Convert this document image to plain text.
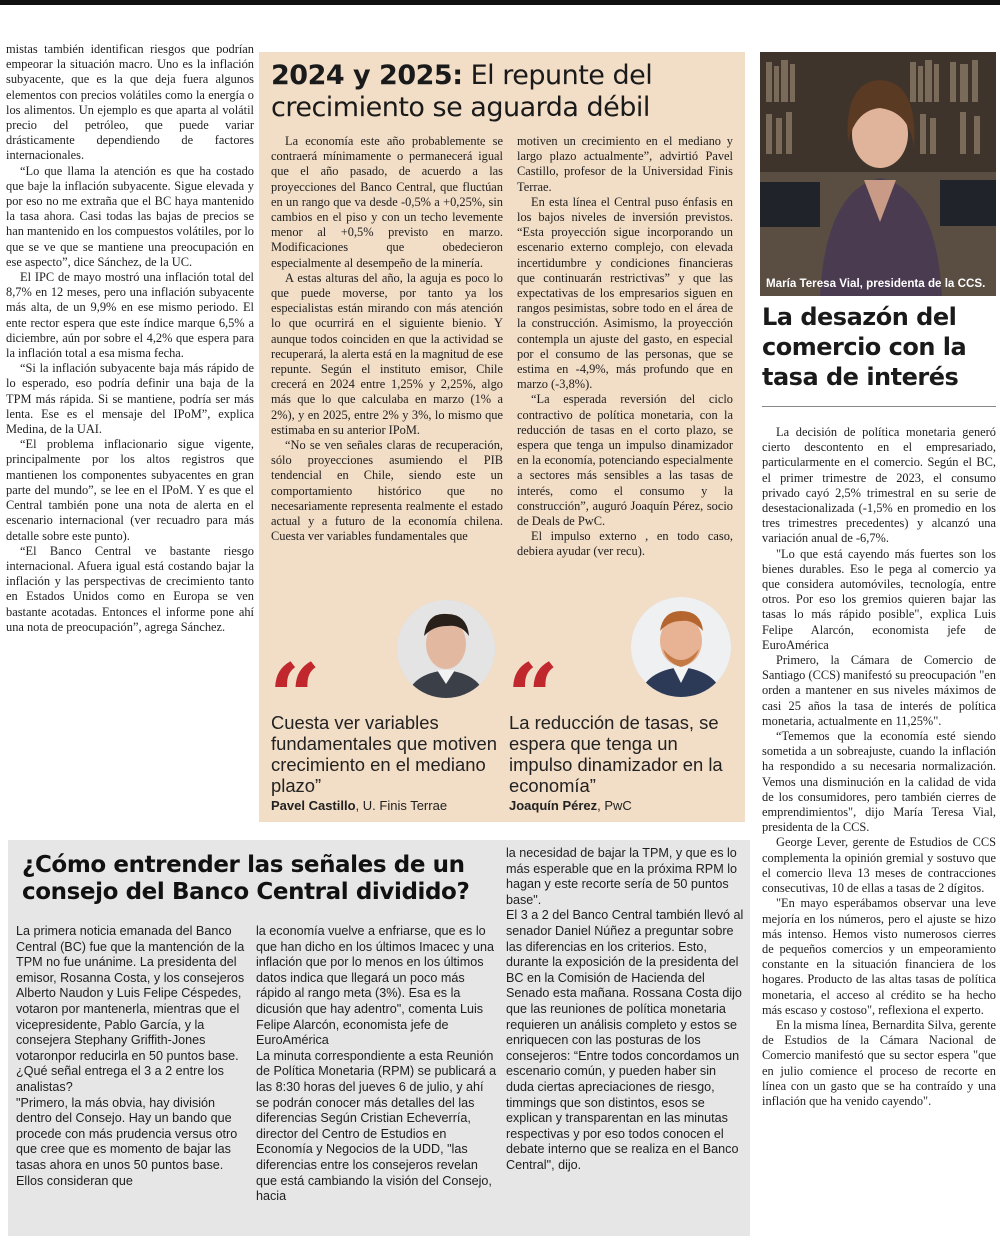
mistas también identifican riesgos que podrían empeorar la situación macro. Uno es la inflación subyacente, que es la que deja fuera algunos elementos con precios volátiles como la energía o los alimentos. Un ejemplo es que aparta al volátil precio del petróleo, que puede variar drásticamente dependiendo de factores internacionales.

“Lo que llama la atención es que ha costado que baje la inflación subyacente. Sigue elevada y por eso no me extraña que el BC haya mantenido la tasa ahora. Casi todas las bajas de precios se han mantenido en los compuestos volátiles, por lo que se ve que se mantiene una preocupación en ese aspecto”, dice Sánchez, de la UC.

El IPC de mayo mostró una inflación total del 8,7% en 12 meses, pero una inflación subyacente más alta, de un 9,9% en ese mismo periodo. El ente rector espera que este índice marque 6,5% a diciembre, aún por sobre el 4,2% que espera para la inflación total a esa misma fecha.

“Si la inflación subyacente baja más rápido de lo esperado, eso podría definir una baja de la TPM más rápida. Si se mantiene, podría ser más lenta. Ese es el mensaje del IPoM”, explica Medina, de la UAI.

“El problema inflacionario sigue vigente, principalmente por los altos registros que mantienen los componentes subyacentes en gran parte del mundo”, se lee en el IPoM. Y es que el Central también pone una nota de alerta en el escenario internacional (ver recuadro para más detalle sobre este punto).

“El Banco Central ve bastante riesgo internacional. Afuera igual está costando bajar la inflación y las perspectivas de crecimiento tanto en Estados Unidos como en Europa se ven bastante acotadas. Entonces el informe pone ahí una nota de preocupación”, agrega Sánchez.

2024 y 2025: El repunte del crecimiento se aguarda débil

La economía este año probablemente se contraerá mínimamente o permanecerá igual que el año pasado, de acuerdo a las proyecciones del Banco Central, que fluctúan en un rango que va desde -0,5% a +0,25%, sin cambios en el piso y con un techo levemente menor al +0,5% previsto en marzo. Modificaciones que obedecieron especialmente al desempeño de la minería.

A estas alturas del año, la aguja es poco lo que puede moverse, por tanto ya los especialistas están mirando con más atención lo que ocurrirá en el siguiente bienio. Y aunque todos coinciden en que la actividad se recuperará, la alerta está en la magnitud de ese repunte. Según el instituto emisor, Chile crecerá en 2024 entre 1,25% y 2,25%, algo más que lo que calculaba en marzo (1% a 2%), y en 2025, entre 2% y 3%, lo mismo que estimaba en su anterior IPoM.

“No se ven señales claras de recuperación, sólo proyecciones asumiendo el PIB tendencial en Chile, siendo este un comportamiento histórico que no necesariamente representa realmente el estado actual y a futuro de la economía chilena. Cuesta ver variables fundamentales que

motiven un crecimiento en el mediano y largo plazo actualmente”, advirtió Pavel Castillo, profesor de la Universidad Finis Terrae.

En esta línea el Central puso énfasis en los bajos niveles de inversión previstos. “Esta proyección sigue incorporando un escenario externo complejo, con elevada incertidumbre y condiciones financieras que continuarán restrictivas” y que las expectativas de los empresarios siguen en rangos pesimistas, sobre todo en el área de la construcción. Asimismo, la proyección contempla un ajuste del gasto, en especial por el consumo de las personas, que se estima en -4,9%, más profundo que en marzo (-3,8%).

“La esperada reversión del ciclo contractivo de política monetaria, con la reducción de tasas en el corto plazo, se espera que tenga un impulso dinamizador en la economía, potenciando especialmente a sectores más sensibles a las tasas de interés, como el consumo y la construcción”, auguró Joaquín Pérez, socio de Deals de PwC.

El impulso externo , en todo caso, debiera ayudar (ver recu).

“ “
Cuesta ver variables fundamentales que motiven crecimiento en el mediano plazo”
La reducción de tasas, se espera que tenga un impulso dinamizador en la economía”
Pavel Castillo, U. Finis Terrae	Joaquín Pérez, PwC
María Teresa Vial, presidenta de la CCS.
La desazón del comercio con la tasa de interés

La decisión de política monetaria generó cierto descontento en el empresariado, particularmente en el comercio. Según el BC, el primer trimestre de 2023, el consumo privado cayó 2,5% trimestral en su serie de desestacionalizada (-1,5% en promedio en los tres trimestres precedentes) y alcanzó una variación anual de -6,7%.

"Lo que está cayendo más fuertes son los bienes durables. Eso le pega al comercio ya que considera automóviles, tecnología, entre otros. Por eso los gremios quieren bajar las tasas lo más rápido posible", explica Luis Felipe Alarcón, economista jefe de EuroAmérica

Primero, la Cámara de Comercio de Santiago (CCS) manifestó su preocupación "en orden a mantener en sus niveles máximos de casi 25 años la tasa de interés de política monetaria, actualmente en 11,25%".

“Tememos que la economía esté siendo sometida a un sobreajuste, cuando la inflación ha respondido a su necesaria normalización. Vemos una disminución en la calidad de vida de los consumidores, pero también cierres de emprendimientos", dijo María Teresa Vial, presidenta de la CCS.

George Lever, gerente de Estudios de CCS complementa la opinión gremial y sostuvo que el comercio lleva 13 meses de contracciones consecutivas, 10 de ellas a tasas de 2 dígitos.

"En mayo esperábamos observar una leve mejoría en los números, pero el ajuste se hizo más intenso. Hemos visto numerosos cierres de pequeños comercios y un empeoramiento constante en la situación financiera de los hogares. Producto de las altas tasas de política monetaria, el acceso al crédito se ha hecho más escaso y costoso", reflexiona el experto.

En la misma línea, Bernardita Silva, gerente de Estudios de la Cámara Nacional de Comercio manifestó que su sector espera "que en julio comience el proceso de recorte en línea con un gasto que se ha contraído y una inflación que ha venido cayendo".

¿Cómo entrender las señales de un consejo del Banco Central dividido?

La primera noticia emanada del Banco Central (BC) fue que la mantención de la TPM no fue unánime. La presidenta del emisor, Rosanna Costa, y los consejeros Alberto Naudon y Luis Felipe Céspedes, votaron por mantenerla, mientras que el vicepresidente, Pablo García, y la consejera Stephany Griffith-Jones votaronpor reducirla en 50 puntos base. ¿Qué señal entrega el 3 a 2 entre los analistas?

"Primero, la más obvia, hay división dentro del Consejo. Hay un bando que procede con más prudencia versus otro que cree que es momento de bajar las tasas ahora en unos 50 puntos base. Ellos consideran que

la economía vuelve a enfriarse, que es lo que han dicho en los últimos Imacec y una inflación que por lo menos en los últimos datos indica que llegará un poco más rápido al rango meta (3%). Esa es la dicusión que hay adentro", comenta Luis Felipe Alarcón, economista jefe de EuroAmérica

La minuta correspondiente a esta Reunión de Política Monetaria (RPM) se publicará a las 8:30 horas del jueves 6 de julio, y ahí se podrán conocer más detalles del las diferencias Según Cristian Echeverría, director del Centro de Estudios en Economía y Negocios de la UDD, "las diferencias entre los consejeros revelan que está cambiando la visión del Consejo, hacia

la necesidad de bajar la TPM, y que es lo más esperable que en la próxima RPM lo hagan y este recorte sería de 50 puntos base".

El 3 a 2 del Banco Central también llevó al senador Daniel Núñez a preguntar sobre las diferencias en los criterios. Esto, durante la exposición de la presidenta del BC en la Comisión de Hacienda del Senado esta mañana. Rossana Costa dijo que las reuniones de política monetaria requieren un análisis completo y estos se enriquecen con las posturas de los consejeros: “Entre todos concordamos un escenario común, y pueden haber sin duda ciertas apreciaciones de riesgo, timmings que son distintos, esos se explican y transparentan en las minutas respectivas y por eso todos conocen el debate interno que se realiza en el Banco Central", dijo.
